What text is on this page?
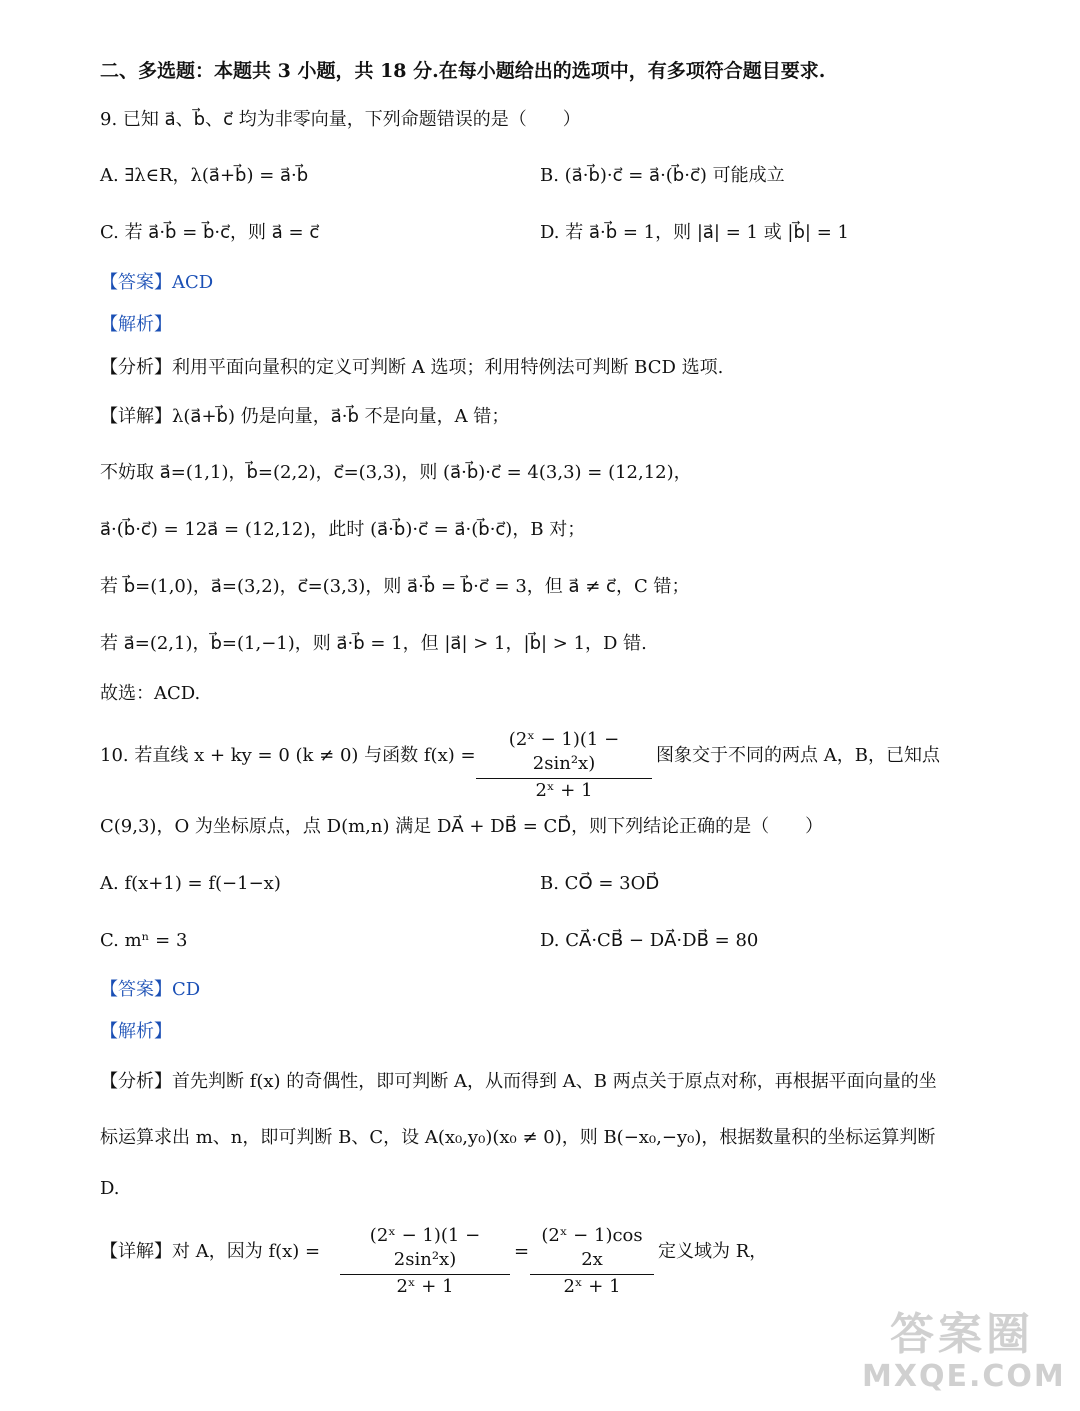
二、多选题：本题共 3 小题，共 18 分.在每小题给出的选项中，有多项符合题目要求.
9. 已知 a⃗、b⃗、c⃗ 均为非零向量，下列命题错误的是（　　）
A. ∃λ∈R，λ(a⃗+b⃗) = a⃗·b⃗	B. (a⃗·b⃗)·c⃗ = a⃗·(b⃗·c⃗) 可能成立
C. 若 a⃗·b⃗ = b⃗·c⃗，则 a⃗ = c⃗	D. 若 a⃗·b⃗ = 1，则 |a⃗| = 1 或 |b⃗| = 1
【答案】ACD
【解析】
【分析】利用平面向量积的定义可判断 A 选项；利用特例法可判断 BCD 选项.
【详解】λ(a⃗+b⃗) 仍是向量，a⃗·b⃗ 不是向量，A 错；
不妨取 a⃗=(1,1)，b⃗=(2,2)，c⃗=(3,3)，则 (a⃗·b⃗)·c⃗ = 4(3,3) = (12,12)，
a⃗·(b⃗·c⃗) = 12a⃗ = (12,12)，此时 (a⃗·b⃗)·c⃗ = a⃗·(b⃗·c⃗)，B 对；
若 b⃗=(1,0)，a⃗=(3,2)，c⃗=(3,3)，则 a⃗·b⃗ = b⃗·c⃗ = 3，但 a⃗ ≠ c⃗，C 错；
若 a⃗=(2,1)，b⃗=(1,−1)，则 a⃗·b⃗ = 1，但 |a⃗| > 1，|b⃗| > 1，D 错.
故选：ACD.
10. 若直线 x + ky = 0 (k ≠ 0) 与函数 $f(x) = \frac{\text{(2ˣ − 1)(1 − 2sin²x)}}{\text{2ˣ + 1}}$ 图象交于不同的两点 A，B，已知点
C(9,3)，O 为坐标原点，点 D(m,n) 满足 DA⃗ + DB⃗ = CD⃗，则下列结论正确的是（　　）
A. f(x+1) = f(−1−x)	B. CO⃗ = 3OD⃗
C. mⁿ = 3	D. CA⃗·CB⃗ − DA⃗·DB⃗ = 80
【答案】CD
【解析】
【分析】首先判断 f(x) 的奇偶性，即可判断 A，从而得到 A、B 两点关于原点对称，再根据平面向量的坐
标运算求出 m、n，即可判断 B、C，设 A(x₀,y₀)(x₀ ≠ 0)，则 B(−x₀,−y₀)，根据数量积的坐标运算判断
D.
【详解】对 A，因为 $f(x) = \frac{\text{(2ˣ − 1)(1 − 2sin²x)}}{\text{2ˣ + 1}} = \frac{\text{(2ˣ − 1)cos 2x}}{\text{2ˣ + 1}}$ 定义域为 R，
答案圈
MXQE.COM
